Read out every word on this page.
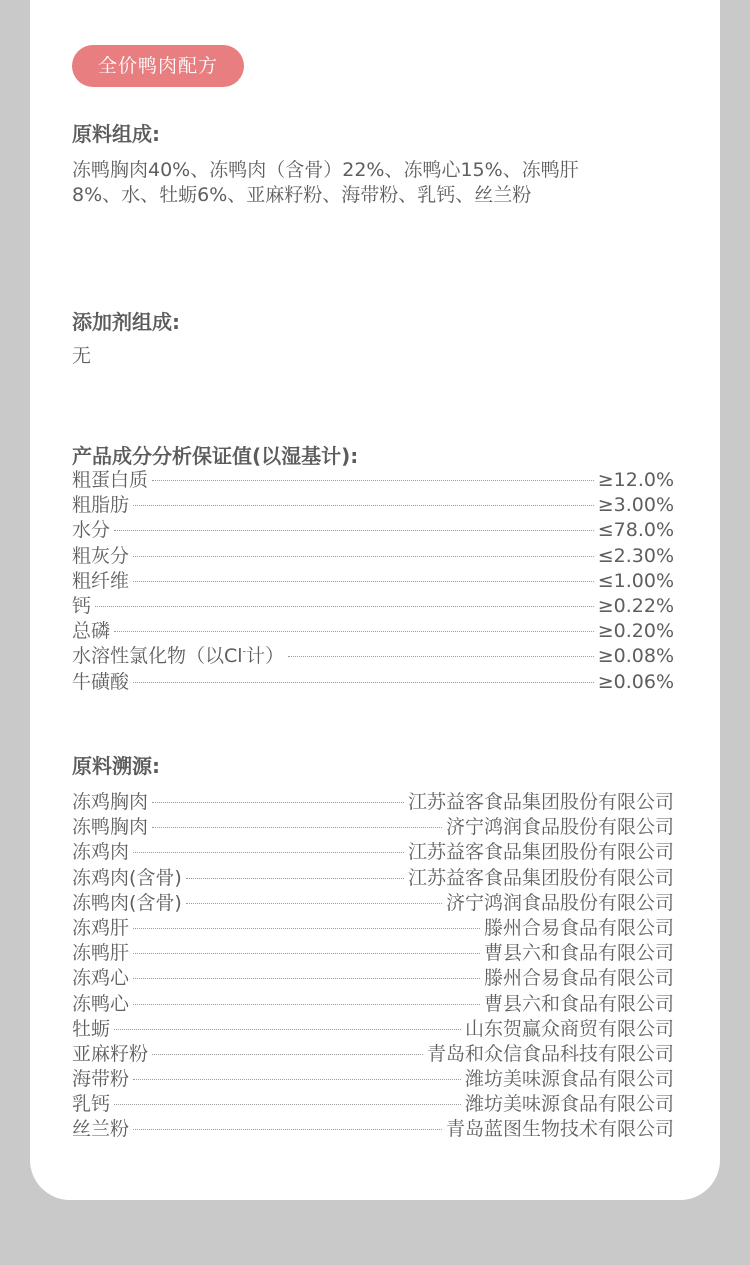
全价鸭肉配方
原料组成:
冻鸭胸肉40%、冻鸭肉（含骨）22%、冻鸭心15%、冻鸭肝
8%、水、牡蛎6%、亚麻籽粉、海带粉、乳钙、丝兰粉
添加剂组成:
无
产品成分分析保证值(以湿基计):
粗蛋白质	≥12.0%
粗脂肪	≥3.00%
水分	≤78.0%
粗灰分	≤2.30%
粗纤维	≤1.00%
钙	≥0.22%
总磷	≥0.20%
水溶性氯化物（以Cl-计）	≥0.08%
牛磺酸	≥0.06%
原料溯源:
冻鸡胸肉	江苏益客食品集团股份有限公司
冻鸭胸肉	济宁鸿润食品股份有限公司
冻鸡肉	江苏益客食品集团股份有限公司
冻鸡肉(含骨)	江苏益客食品集团股份有限公司
冻鸭肉(含骨)	济宁鸿润食品股份有限公司
冻鸡肝	滕州合易食品有限公司
冻鸭肝	曹县六和食品有限公司
冻鸡心	滕州合易食品有限公司
冻鸭心	曹县六和食品有限公司
牡蛎	山东贺赢众商贸有限公司
亚麻籽粉	青岛和众信食品科技有限公司
海带粉	潍坊美味源食品有限公司
乳钙	潍坊美味源食品有限公司
丝兰粉	青岛蓝图生物技术有限公司
